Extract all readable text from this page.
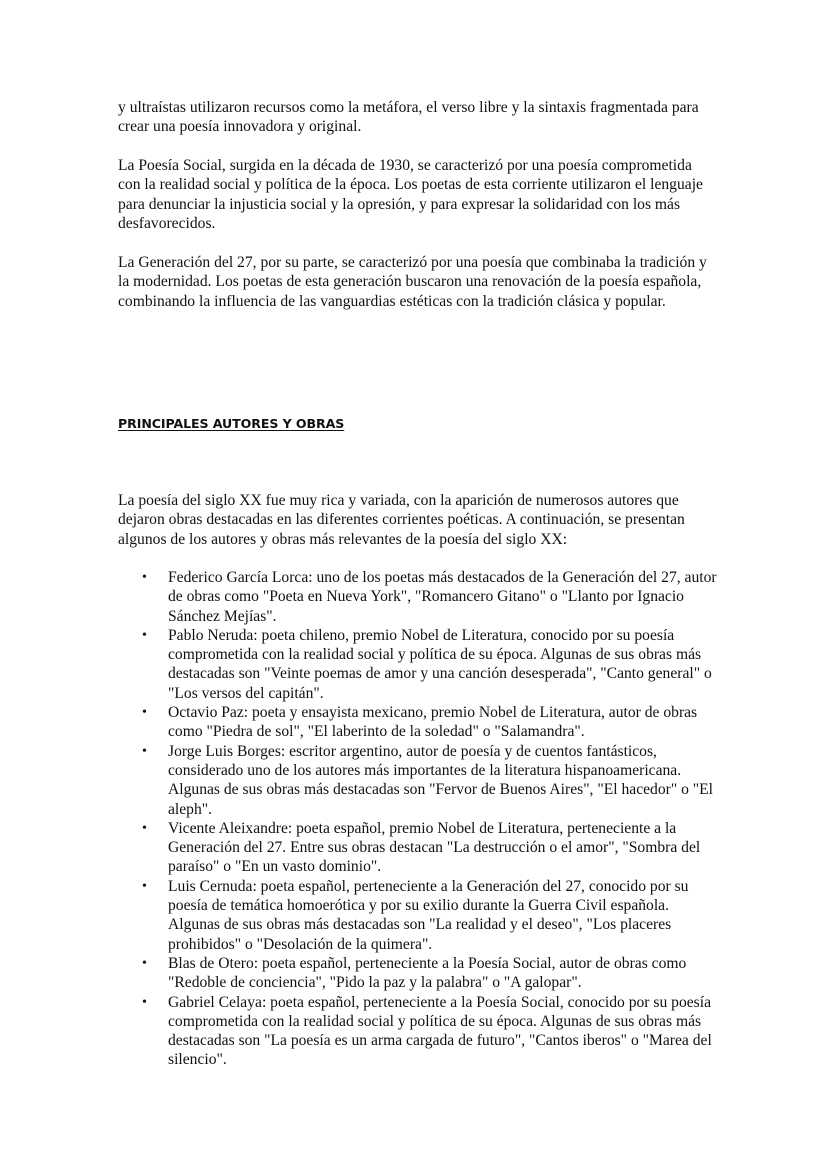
y ultraístas utilizaron recursos como la metáfora, el verso libre y la sintaxis fragmentada para crear una poesía innovadora y original.

La Poesía Social, surgida en la década de 1930, se caracterizó por una poesía comprometida con la realidad social y política de la época. Los poetas de esta corriente utilizaron el lenguaje para denunciar la injusticia social y la opresión, y para expresar la solidaridad con los más desfavorecidos.

La Generación del 27, por su parte, se caracterizó por una poesía que combinaba la tradición y la modernidad. Los poetas de esta generación buscaron una renovación de la poesía española, combinando la influencia de las vanguardias estéticas con la tradición clásica y popular.

PRINCIPALES AUTORES Y OBRAS

La poesía del siglo XX fue muy rica y variada, con la aparición de numerosos autores que dejaron obras destacadas en las diferentes corrientes poéticas. A continuación, se presentan algunos de los autores y obras más relevantes de la poesía del siglo XX:

•	Federico García Lorca: uno de los poetas más destacados de la Generación del 27, autor de obras como "Poeta en Nueva York", "Romancero Gitano" o "Llanto por Ignacio Sánchez Mejías".
•	Pablo Neruda: poeta chileno, premio Nobel de Literatura, conocido por su poesía comprometida con la realidad social y política de su época. Algunas de sus obras más destacadas son "Veinte poemas de amor y una canción desesperada", "Canto general" o "Los versos del capitán".
•	Octavio Paz: poeta y ensayista mexicano, premio Nobel de Literatura, autor de obras como "Piedra de sol", "El laberinto de la soledad" o "Salamandra".
•	Jorge Luis Borges: escritor argentino, autor de poesía y de cuentos fantásticos, considerado uno de los autores más importantes de la literatura hispanoamericana. Algunas de sus obras más destacadas son "Fervor de Buenos Aires", "El hacedor" o "El aleph".
•	Vicente Aleixandre: poeta español, premio Nobel de Literatura, perteneciente a la Generación del 27. Entre sus obras destacan "La destrucción o el amor", "Sombra del paraíso" o "En un vasto dominio".
•	Luis Cernuda: poeta español, perteneciente a la Generación del 27, conocido por su poesía de temática homoerótica y por su exilio durante la Guerra Civil española. Algunas de sus obras más destacadas son "La realidad y el deseo", "Los placeres prohibidos" o "Desolación de la quimera".
•	Blas de Otero: poeta español, perteneciente a la Poesía Social, autor de obras como "Redoble de conciencia", "Pido la paz y la palabra" o "A galopar".
•	Gabriel Celaya: poeta español, perteneciente a la Poesía Social, conocido por su poesía comprometida con la realidad social y política de su época. Algunas de sus obras más destacadas son "La poesía es un arma cargada de futuro", "Cantos iberos" o "Marea del silencio".
